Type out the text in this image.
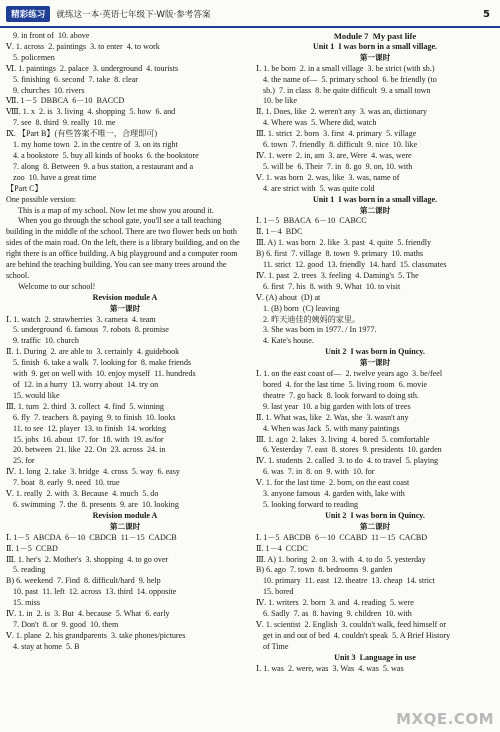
精彩练习	就练这一本·英语七年级下·W版·参考答案	5
9. in front of  10. above
Ⅴ. 1. across  2. paintings  3. to enter  4. to work
5. policemen
Ⅵ. 1. paintings  2. palace  3. underground  4. tourists
5. finishing  6. second  7. take  8. clear
9. churches  10. rivers
Ⅶ. 1－5  DBBCA  6－10  BACCD
Ⅷ. 1. x  2. is  3. living  4. shopping  5. how  6. and
7. see  8. third  9. really  10. me
Ⅸ. 【Part B】(有些答案不唯一，合理即可)
1. my home town  2. in the centre of  3. on its right
4. a bookstore  5. buy all kinds of books  6. the bookstore
7. along  8. Between  9. a bus station, a restaurant and a
zoo  10. have a great time
【Part C】
One possible version:
This is a map of my school. Now let me show you around it.
When you go through the school gate, you'll see a tall teaching building in the middle of the school. There are two flower beds on both sides of the main road. On the left, there is a library building, and on the right there is an office building. A big playground and a computer room are behind the teaching building. You can see many trees around the school.
Welcome to our school!
Revision module A
第一课时
Ⅰ. 1. watch  2. strawberries  3. camera  4. team
5. underground  6. famous  7. robots  8. promise
9. traffic  10. church
Ⅱ. 1. During  2. are able to  3. certainly  4. guidebook
5. finish  6. take a walk  7. looking for  8. make friends
with  9. get on well with  10. enjoy myself  11. hundreds
of  12. in a hurry  13. worry about  14. try on
15. would like
Ⅲ. 1. turn  2. third  3. collect  4. find  5. winning
6. fly  7. teachers  8. paying  9. to finish  10. looks
11. to see  12. player  13. to finish  14. working
15. jobs  16. about  17. for  18. with  19. as/for
20. between  21. like  22. On  23. across  24. in
25. for
Ⅳ. 1. long  2. take  3. bridge  4. cross  5. way  6. easy
7. boat  8. early  9. need  10. true
Ⅴ. 1. really  2. with  3. Because  4. much  5. do
6. swimming  7. the  8. presents  9. are  10. looking
Revision module A
第二课时
Ⅰ. 1－5  ABCDA  6－10  CBDCB  11－15  CADCB
Ⅱ. 1－5  CCBD
Ⅲ. 1. her's  2. Mother's  3. shopping  4. to go over
5. reading
B) 6. weekend  7. Find  8. difficult/hard  9. help
10. past  11. left  12. across  13. third  14. opposite
15. miss
Ⅳ. 1. in  2. is  3. But  4. because  5. What  6. early
7. Don't  8. or  9. good  10. them
Ⅴ. 1. plane  2. his grandparents  3. take phones/pictures
4. stay at home  5. B
Module 7  My past life
Unit 1  I was born in a small village.
第一课时
Ⅰ. 1. be born  2. in a small village  3. be strict (with sb.)
4. the name of—  5. primary school  6. be friendly (to
sb.)  7. in class  8. be quite difficult  9. a small town
10. be like
Ⅱ. 1. Does, like  2. weren't any  3. was an, dictionary
4. Where was  5. Where did, watch
Ⅲ. 1. strict  2. born  3. first  4. primary  5. village
6. town  7. friendly  8. difficult  9. nice  10. like
Ⅳ. 1. were  2. in, am  3. are, Were  4. was, were
5. will be  6. Their  7. in  8. go  9. on, 10. with
Ⅴ. 1. was born  2. was, like  3. was, name of
4. are strict with  5. was quite cold
Unit 1  I was born in a small village.
第二课时
Ⅰ. 1－5  BBACA  6－10  CABCC
Ⅱ. 1－4  BDC
Ⅲ. A) 1. was born  2. like  3. past  4. quite  5. friendly
B) 6. first  7. village  8. town  9. primary  10. maths
11. strict  12. good  13. friendly  14. hard  15. classmates
Ⅳ. 1. past  2. trees  3. feeling  4. Daming's  5. The
6. first  7. his  8. with  9. What  10. to visit
Ⅴ. (A) about  (D) at
1. (B) born  (C) leaving
2. 昨天迪佳的姨妈的家里。
3. She was born in 1977. / In 1977.
4. Kate's house.
Unit 2  I was born in Quincy.
第一课时
Ⅰ. 1. on the east coast of—  2. twelve years ago  3. be/feel
bored  4. for the last time  5. living room  6. movie
theatre  7. go back  8. look forward to doing sth.
9. last year  10. a big garden with lots of trees
Ⅱ. 1. What was, like  2. Was, she  3. wasn't any
4. When was Jack  5. with many paintings
Ⅲ. 1. ago  2. lakes  3. living  4. bored  5. comfortable
6. Yesterday  7. east  8. stores  9. presidents  10. garden
Ⅳ. 1. students  2. called  3. to do  4. to travel  5. playing
6. was  7. in  8. on  9. with  10. for
Ⅴ. 1. for the last time  2. born, on the east coast
3. anyone famous  4. garden with, lake with
5. looking forward to reading
Unit 2  I was born in Quincy.
第二课时
Ⅰ. 1－5  ABCDB  6－10  CCABD  11－15  CACBD
Ⅱ. 1－4  CCDC
Ⅲ. A) 1. boring  2. on  3. with  4. to do  5. yesterday
B) 6. ago  7. town  8. bedrooms  9. garden
10. primary  11. east  12. theatre  13. cheap  14. strict
15. bored
Ⅳ. 1. writers  2. born  3. and  4. reading  5. were
6. Sadly  7. as  8. having  9. children  10. with
Ⅴ. 1. scientist  2. English  3. couldn't walk, feed himself or
get in and out of bed  4. couldn't speak  5. A Brief History
of Time
Unit 3  Language in use
Ⅰ. 1. was  2. were, was  3. Was  4. was  5. was
MXQE.COM
